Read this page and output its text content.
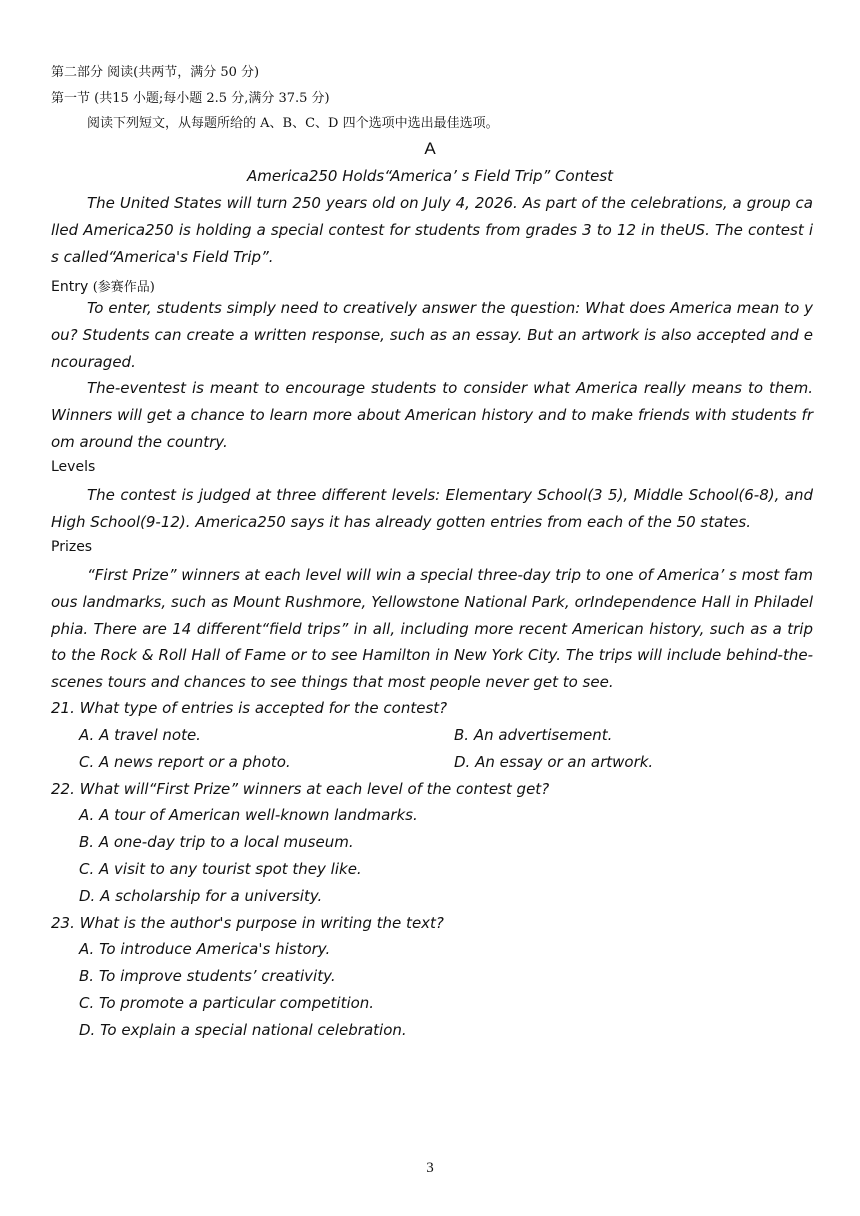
第二部分 阅读(共两节，满分 50 分)
第一节 (共15 小题;每小题 2.5 分,满分 37.5 分)
阅读下列短文，从每题所给的 A、B、C、D 四个选项中选出最佳选项。
A
America250 Holds“America’ s Field Trip” Contest
The United States will turn 250 years old on July 4, 2026. As part of the celebrations, a group called America250 is holding a special contest for students from grades 3 to 12 in theUS. The contest is called“America's Field Trip”.
Entry (参赛作品)
To enter, students simply need to creatively answer the question: What does America mean to you? Students can create a written response, such as an essay. But an artwork is also accepted and encouraged.
The-eventest is meant to encourage students to consider what America really means to them. Winners will get a chance to learn more about American history and to make friends with students from around the country.
Levels
The contest is judged at three different levels: Elementary School(3 5), Middle School(6-8), and High School(9-12). America250 says it has already gotten entries from each of the 50 states.
Prizes
“First Prize” winners at each level will win a special three-day trip to one of America’ s most famous landmarks, such as Mount Rushmore, Yellowstone National Park, orIndependence Hall in Philadelphia. There are 14 different“field trips” in all, including more recent American history, such as a trip to the Rock & Roll Hall of Fame or to see Hamilton in New York City. The trips will include behind-the-scenes tours and chances to see things that most people never get to see.
21. What type of entries is accepted for the contest?
A. A travel note.	B. An advertisement.
C. A news report or a photo.	D. An essay or an artwork.
22. What will“First Prize” winners at each level of the contest get?
A. A tour of American well-known landmarks.
B. A one-day trip to a local museum.
C. A visit to any tourist spot they like.
D. A scholarship for a university.
23. What is the author's purpose in writing the text?
A. To introduce America's history.
B. To improve students’ creativity.
C. To promote a particular competition.
D. To explain a special national celebration.
3
